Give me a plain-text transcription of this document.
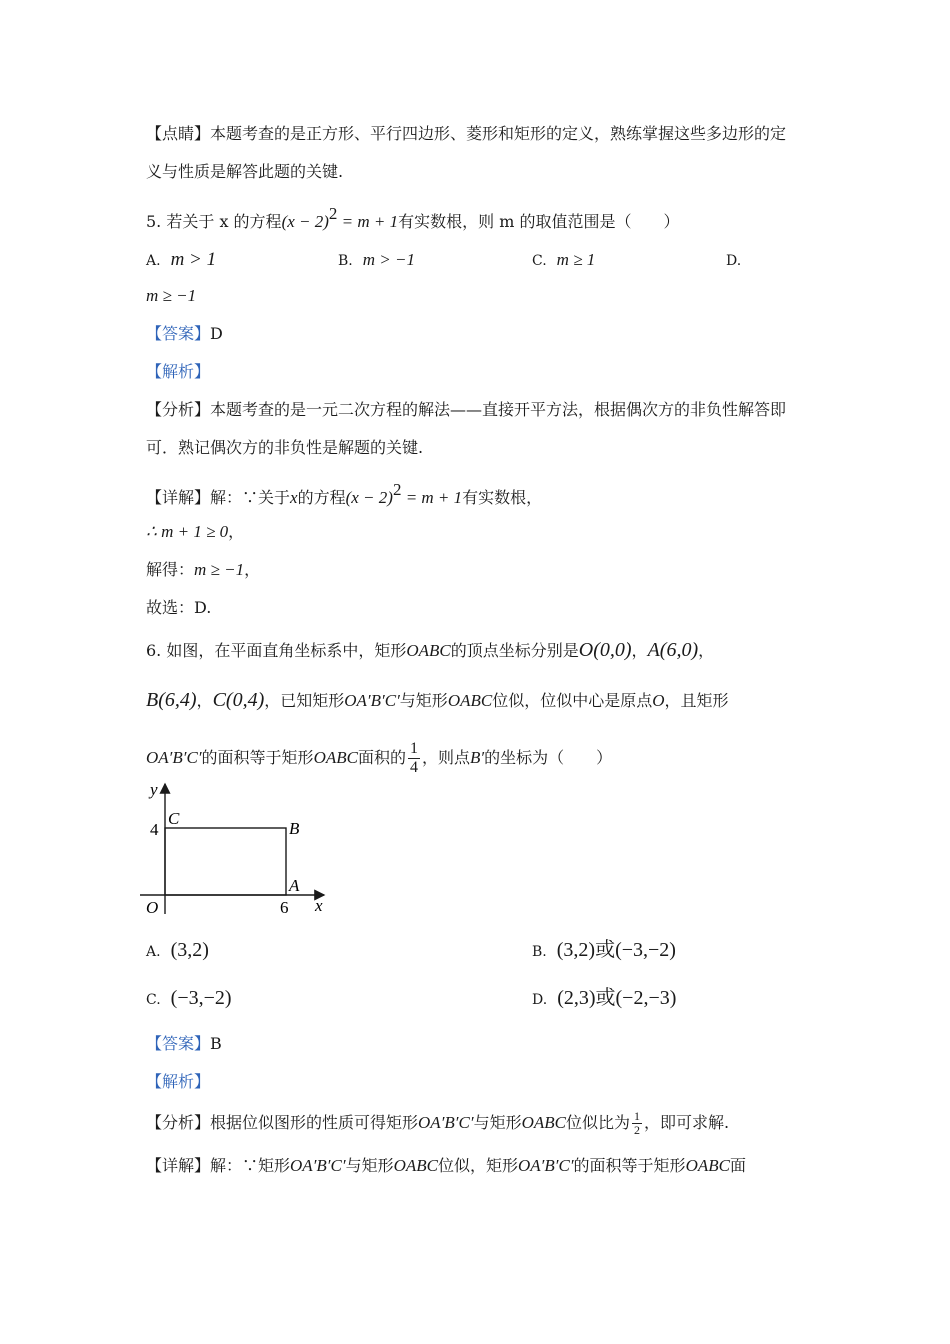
【点睛】本题考查的是正方形、平行四边形、菱形和矩形的定义，熟练掌握这些多边形的定
义与性质是解答此题的关键.
5. 若关于 x 的方程$(x - 2)^2 = m + 1$有实数根，则 m 的取值范围是（　　）
A. m > 1	B. m > −1	C. m ≥ 1	D.
m ≥ −1
【答案】D
【解析】
【分析】本题考查的是一元二次方程的解法——直接开平方法，根据偶次方的非负性解答即
可．熟记偶次方的非负性是解题的关键.
【详解】解：∵关于x的方程$(x - 2)^2 = m + 1$有实数根，
∴ m + 1 ≥ 0，
解得：m ≥ −1，
故选：D.
6. 如图，在平面直角坐标系中，矩形OABC的顶点坐标分别是O(0,0)，A(6,0)，
B(6,4)，C(0,4)，已知矩形OA′B′C′与矩形OABC位似，位似中心是原点O，且矩形
OA′B′C′的面积等于矩形OABC面积的 $\frac{1}{4}$ ，则点B′的坐标为（　　）
y
x
O
A
B
C
4
6
A. (3,2)	B. (3,2)或(−3,−2)
C. (−3,−2)	D. (2,3)或(−2,−3)
【答案】B
【解析】
【分析】根据位似图形的性质可得矩形OA′B′C′与矩形OABC位似比为 $\frac{1}{2}$ ，即可求解.
【详解】解：∵矩形OA′B′C′与矩形OABC位似，矩形OA′B′C′的面积等于矩形OABC面
